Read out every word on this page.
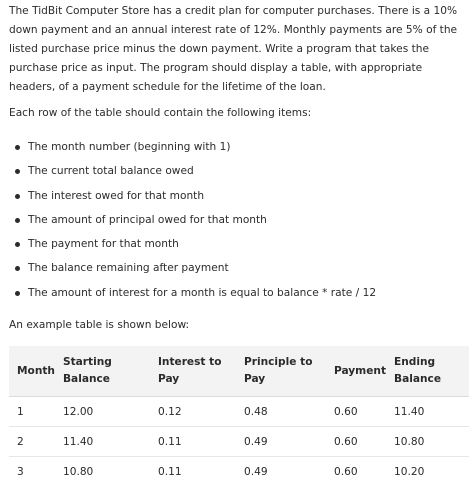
The TidBit Computer Store has a credit plan for computer purchases. There is a 10% down payment and an annual interest rate of 12%. Monthly payments are 5% of the listed purchase price minus the down payment. Write a program that takes the purchase price as input. The program should display a table, with appropriate headers, of a payment schedule for the lifetime of the loan.

Each row of the table should contain the following items:

The month number (beginning with 1)
The current total balance owed
The interest owed for that month
The amount of principal owed for that month
The payment for that month
The balance remaining after payment
The amount of interest for a month is equal to balance * rate / 12

An example table is shown below:

Month	Starting Balance	Interest to Pay	Principle to Pay	Payment	Ending Balance
1	12.00	0.12	0.48	0.60	11.40
2	11.40	0.11	0.49	0.60	10.80
3	10.80	0.11	0.49	0.60	10.20
